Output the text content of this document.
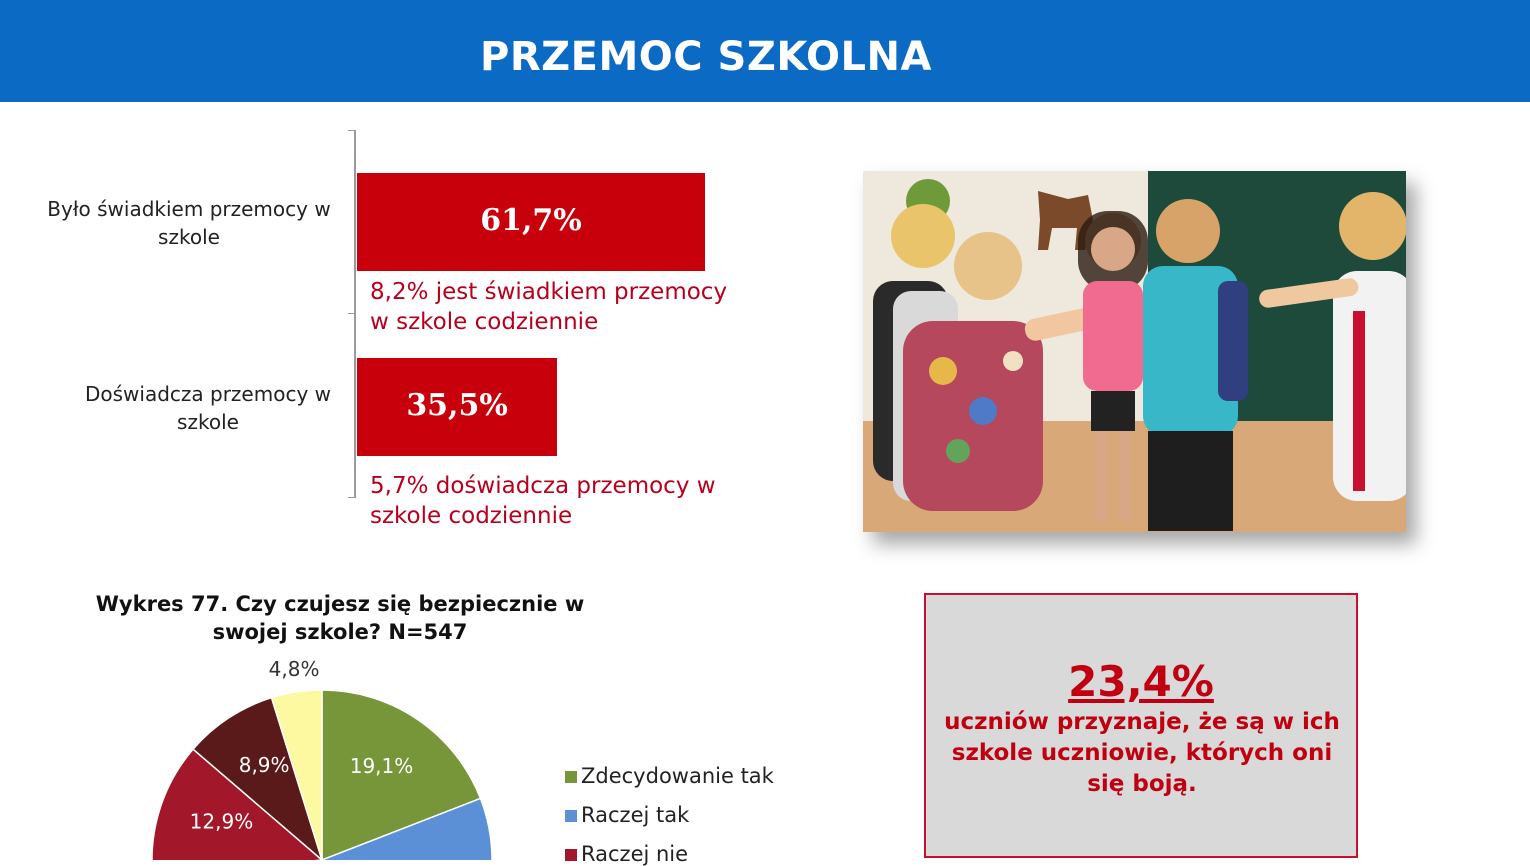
PRZEMOC SZKOLNA
Było świadkiem przemocy w szkole	61,7%
8,2% jest świadkiem przemocy w szkole codziennie
Doświadcza przemocy w szkole	35,5%
5,7% doświadcza przemocy w szkole codziennie
Wykres 77. Czy czujesz się bezpiecznie w swojej szkole? N=547
19,1%
12,9%
8,9%
4,8%
Zdecydowanie tak
Raczej tak
Raczej nie
23,4%
uczniów przyznaje, że są w ich szkole uczniowie, których oni się boją.
